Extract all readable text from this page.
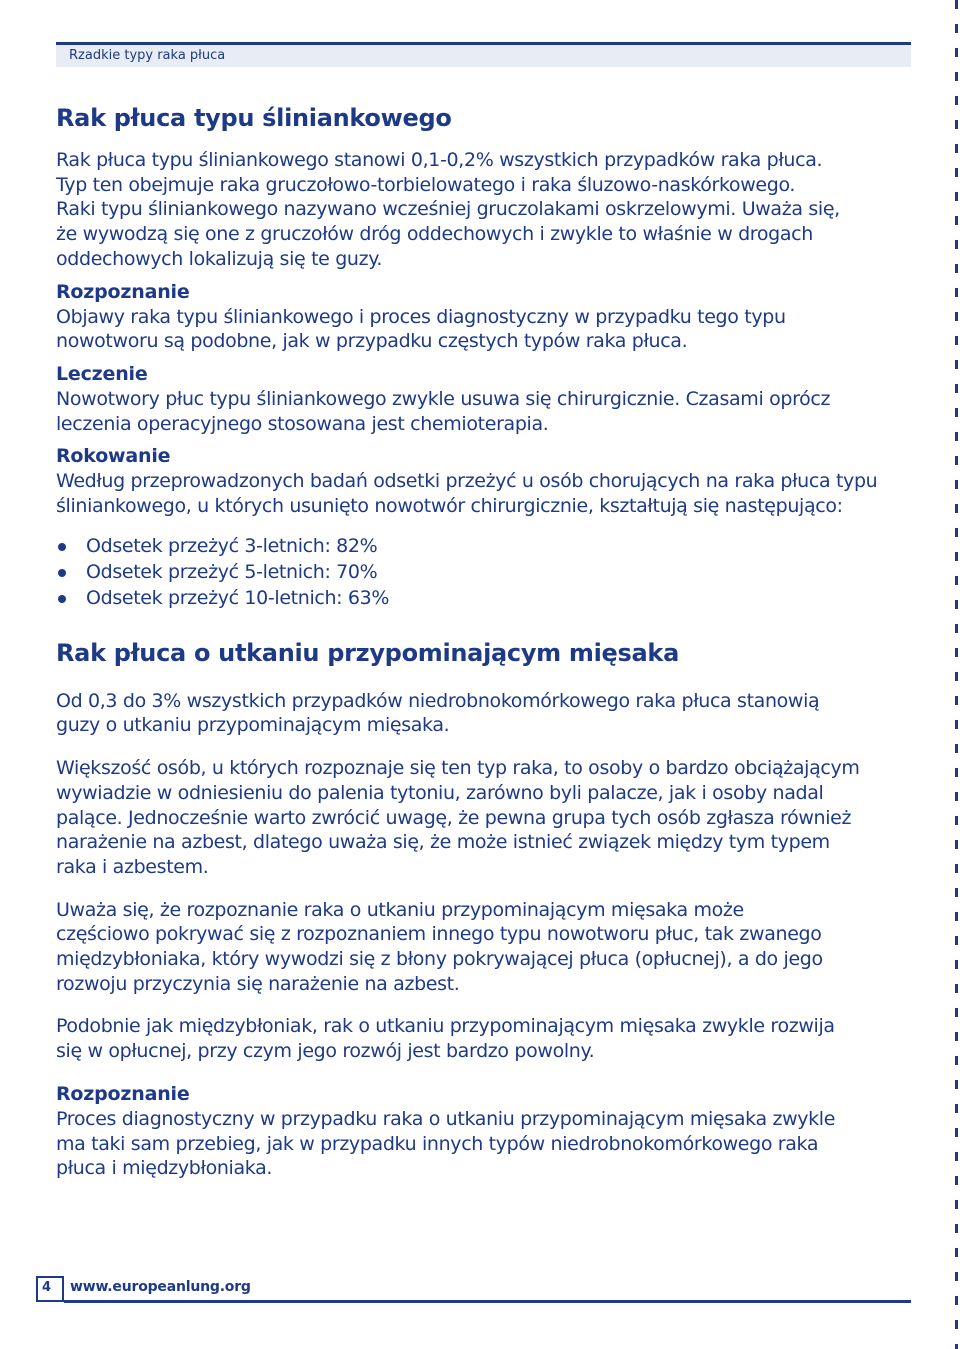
Rzadkie typy raka płuca
Rak płuca typu śliniankowego

Rak płuca typu śliniankowego stanowi 0,1-0,2% wszystkich przypadków raka płuca.

Typ ten obejmuje raka gruczołowo-torbielowatego i raka śluzowo-naskórkowego.

Raki typu śliniankowego nazywano wcześniej gruczolakami oskrzelowymi. Uważa się,

że wywodzą się one z gruczołów dróg oddechowych i zwykle to właśnie w drogach

oddechowych lokalizują się te guzy.

Rozpoznanie

Objawy raka typu śliniankowego i proces diagnostyczny w przypadku tego typu

nowotworu są podobne, jak w przypadku częstych typów raka płuca.

Leczenie

Nowotwory płuc typu śliniankowego zwykle usuwa się chirurgicznie. Czasami oprócz

leczenia operacyjnego stosowana jest chemioterapia.

Rokowanie

Według przeprowadzonych badań odsetki przeżyć u osób chorujących na raka płuca typu

śliniankowego, u których usunięto nowotwór chirurgicznie, kształtują się następująco:

Odsetek przeżyć 3-letnich: 82%
Odsetek przeżyć 5-letnich: 70%
Odsetek przeżyć 10-letnich: 63%
Rak płuca o utkaniu przypominającym mięsaka

Od 0,3 do 3% wszystkich przypadków niedrobnokomórkowego raka płuca stanowią

guzy o utkaniu przypominającym mięsaka.

Większość osób, u których rozpoznaje się ten typ raka, to osoby o bardzo obciążającym

wywiadzie w odniesieniu do palenia tytoniu, zarówno byli palacze, jak i osoby nadal

palące. Jednocześnie warto zwrócić uwagę, że pewna grupa tych osób zgłasza również

narażenie na azbest, dlatego uważa się, że może istnieć związek między tym typem

raka i azbestem.

Uważa się, że rozpoznanie raka o utkaniu przypominającym mięsaka może

częściowo pokrywać się z rozpoznaniem innego typu nowotworu płuc, tak zwanego

międzybłoniaka, który wywodzi się z błony pokrywającej płuca (opłucnej), a do jego

rozwoju przyczynia się narażenie na azbest.

Podobnie jak międzybłoniak, rak o utkaniu przypominającym mięsaka zwykle rozwija

się w opłucnej, przy czym jego rozwój jest bardzo powolny.

Rozpoznanie

Proces diagnostyczny w przypadku raka o utkaniu przypominającym mięsaka zwykle

ma taki sam przebieg, jak w przypadku innych typów niedrobnokomórkowego raka

płuca i międzybłoniaka.

4 www.europeanlung.org
